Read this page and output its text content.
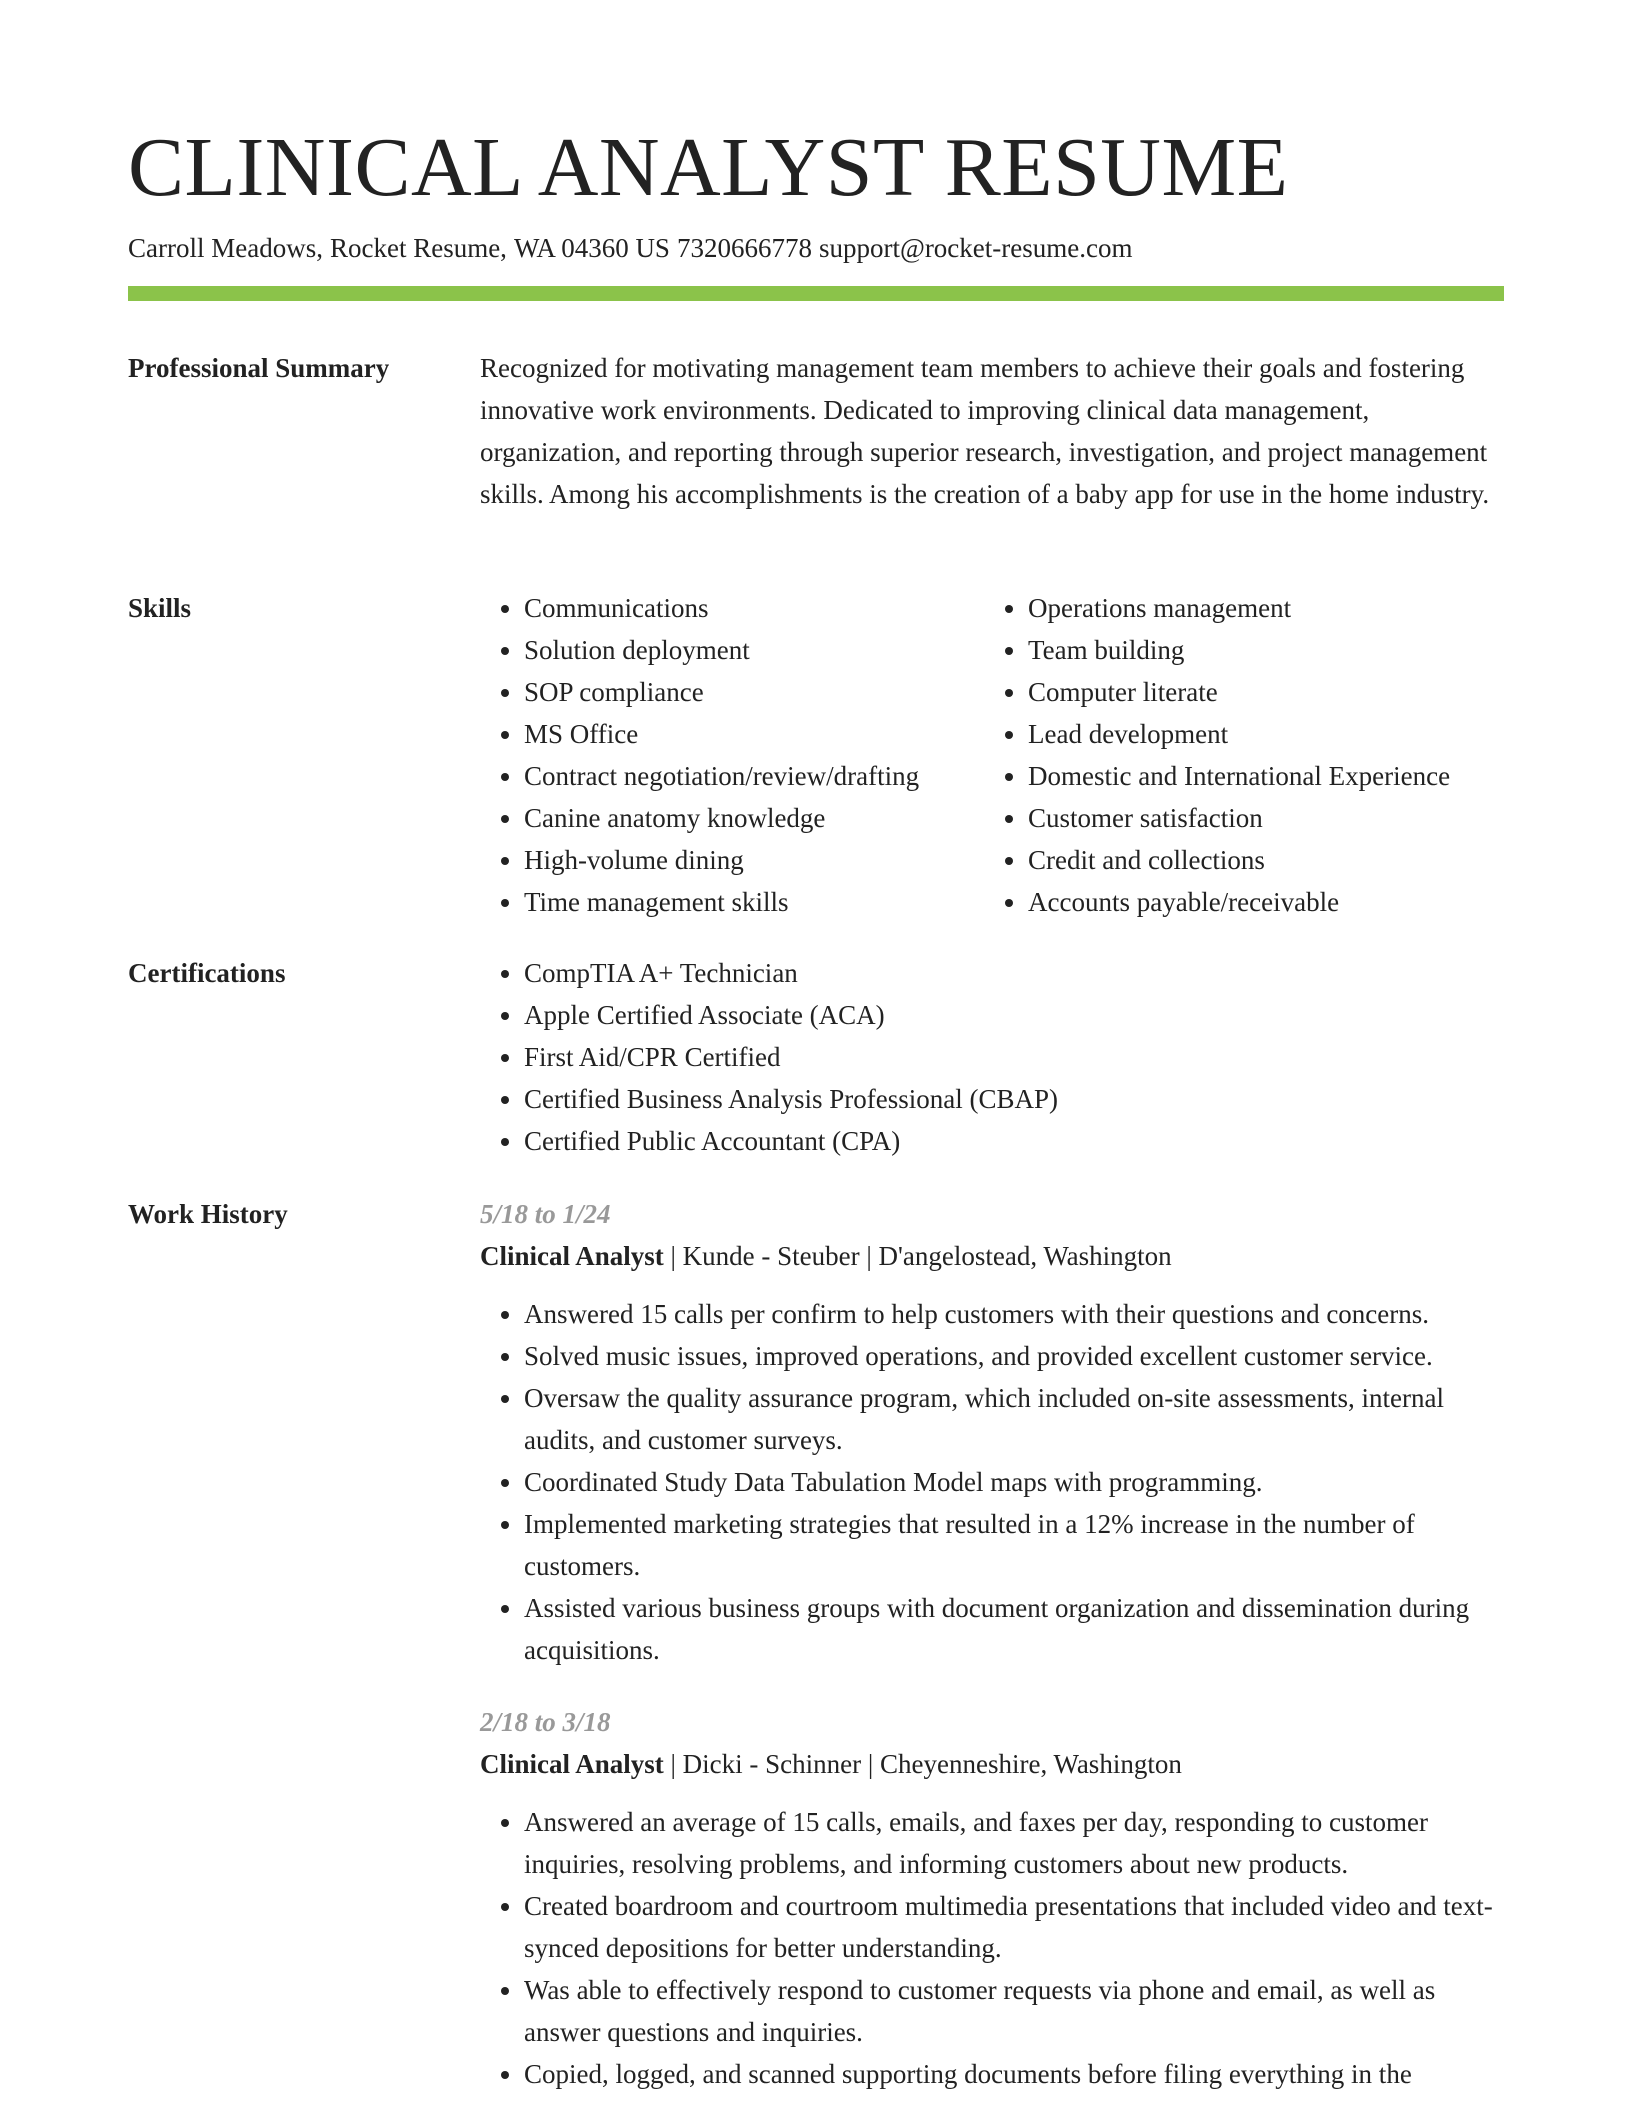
CLINICAL ANALYST RESUME
Carroll Meadows, Rocket Resume, WA 04360 US 7320666778 support@rocket-resume.com
Professional Summary	Recognized for motivating management team members to achieve their goals and fostering innovative work environments. Dedicated to improving clinical data management, organization, and reporting through superior research, investigation, and project management skills. Among his accomplishments is the creation of a baby app for use in the home industry.

Skills	• Communications
• Solution deployment
• SOP compliance
• MS Office
• Contract negotiation/review/drafting
• Canine anatomy knowledge
• High-volume dining
• Time management skills
• Operations management
• Team building
• Computer literate
• Lead development
• Domestic and International Experience
• Customer satisfaction
• Credit and collections
• Accounts payable/receivable
Certifications	• CompTIA A+ Technician
• Apple Certified Associate (ACA)
• First Aid/CPR Certified
• Certified Business Analysis Professional (CBAP)
• Certified Public Accountant (CPA)
Work History	5/18 to 1/24
Clinical Analyst | Kunde - Steuber | D'angelostead, Washington
• Answered 15 calls per confirm to help customers with their questions and concerns.
• Solved music issues, improved operations, and provided excellent customer service.
• Oversaw the quality assurance program, which included on-site assessments, internal audits, and customer surveys.
• Coordinated Study Data Tabulation Model maps with programming.
• Implemented marketing strategies that resulted in a 12% increase in the number of customers.
• Assisted various business groups with document organization and dissemination during acquisitions.
2/18 to 3/18
Clinical Analyst | Dicki - Schinner | Cheyenneshire, Washington
• Answered an average of 15 calls, emails, and faxes per day, responding to customer inquiries, resolving problems, and informing customers about new products.
• Created boardroom and courtroom multimedia presentations that included video and text-synced depositions for better understanding.
• Was able to effectively respond to customer requests via phone and email, as well as answer questions and inquiries.
• Copied, logged, and scanned supporting documents before filing everything in the
